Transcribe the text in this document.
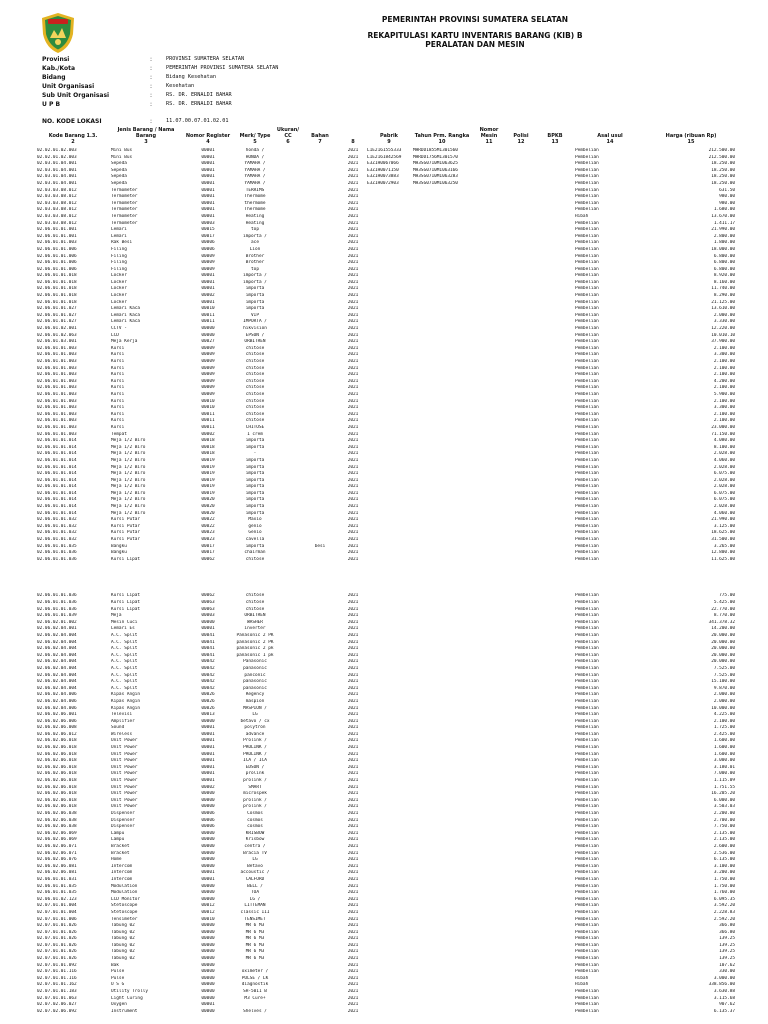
PEMERINTAH PROVINSI SUMATERA SELATAN
REKAPITULASI KARTU INVENTARIS BARANG (KIB) B
PERALATAN DAN MESIN
Provinsi	:	PROVINSI SUMATERA SELATAN
Kab./Kota	:	PEMERINTAH PROVINSI SUMATERA SELATAN
Bidang	:	Bidang Kesehatan
Unit Organisasi	:	Kesehatan
Sub Unit Organisasi	:	RS. DR. ERNALDI BAHAR
U P B	:	RS. DR. ERNALDI BAHAR
NO. KODE LOKASI	:	11.07.00.07.01.02.01
Kode Barang 1.3.	Jenis Barang / Nama Barang	Nomor Register	Merk/ Type	Ukuran/ CC	Bahan		Pabrik	Tahun Prm. Rangka	Nomor Mesin	Polisi	BPKB	Asal usul	Harga (ribuan Rp)
2	3	4	5	6	7	8	9	10	11	12	13	14	15
02.02.01.02.003	Mini Bus	00001	honda /			2021	L1E2161555333	MHRDD1855M1301560				Pembelian	212.500.00
02.02.01.02.003	Mini Bus	00001	HONDA /			2021	L1E2161842569	MHRDD1756M1301570				Pembelian	212.500.00
02.03.01.04.001	Sepeda	00001	YAMAHA /			2021	E3Z1H0067066	MH3SG0710M1063625				Pembelian	18.250.00
02.03.01.04.001	Sepeda	00001	YAMAHA /			2021	E3Z1H0071150	MH3SG0710M1063166				Pembelian	18.250.00
02.03.01.04.001	Sepeda	00001	YAMAHA /			2021	E3Z1H0073883	MH3SG0710M1063283				Pembelian	18.250.00
02.03.01.04.001	Sepeda	00001	YAMAHA /			2021	E3Z1H0072903	MH3SG0710M1063250				Pembelian	18.250.00
02.03.03.08.012	Termometer	00001	TERRIMS			2021						Pembelian	631.50
02.03.03.08.012	Termometer	00001	Thermome			2021						Pembelian	980.00
02.03.03.08.012	Termometer	00001	thermome			2021						Pembelian	980.00
02.03.03.08.012	Termometer	00001	Thermome			2021						Pembelian	1.680.00
02.03.03.08.012	Termometer	00001	Heating			2021						Hibah	13.670.00
02.03.03.08.012	Termometer	00003	Heating			2021						Pembelian	1.411.17
02.06.01.01.001	Lemari	00015	top			2021						Pembelian	21.990.00
02.06.01.01.001	Lemari	00017	importa /			2021						Pembelian	2.800.00
02.06.01.01.003	Rak Besi	00006	ace			2021						Pembelian	1.800.00
02.06.01.01.006	Filing	00006	Lion			2021						Pembelian	18.000.00
02.06.01.01.006	Filing	00009	Brother			2021						Pembelian	6.800.00
02.06.01.01.006	Filing	00009	Brother			2021						Pembelian	6.800.00
02.06.01.01.006	Filing	00009	top			2021						Pembelian	6.800.00
02.06.01.01.018	Locker	00001	importa /			2021						Pembelian	8.920.00
02.06.01.01.018	Locker	00001	importa /			2021						Pembelian	8.160.00
02.06.01.01.018	Locker	00001	importa			2021						Pembelian	11.740.00
02.06.01.01.018	Locker	00002	importa			2021						Pembelian	8.290.00
02.06.01.01.018	Locker	00001	importa			2021						Pembelian	21.125.00
02.06.01.01.027	Lemari Kaca	00010	importa			2021						Pembelian	13.610.00
02.06.01.01.027	Lemari Kaca	00011	VIP			2021						Pembelian	2.000.00
02.06.01.01.027	Lemari Kaca	00011	IMPORTA /			2021						Pembelian	3.330.00
02.06.01.02.001	CCTV -	00000	hikvision			2021						Pembelian	12.220.00
02.06.01.02.063	LCD	00000	EPSON /			2021						Pembelian	10.010.10
02.06.01.03.001	Meja Kerja	00027	ORBITREN			2021						Pembelian	37.900.00
02.06.01.01.003	Kursi	00009	chitose			2021						Pembelian	2.100.00
02.06.01.01.003	Kursi	00009	chitose			2021						Pembelian	3.300.00
02.06.01.01.003	Kursi	00009	chitose			2021						Pembelian	2.100.00
02.06.01.01.003	Kursi	00009	chitose			2021						Pembelian	2.100.00
02.06.01.01.003	Kursi	00009	chitose			2021						Pembelian	2.100.00
02.06.01.01.003	Kursi	00009	chitose			2021						Pembelian	4.200.00
02.06.01.01.003	Kursi	00009	chitose			2021						Pembelian	2.100.00
02.06.01.01.003	Kursi	00009	chitose			2021						Pembelian	5.900.00
02.06.01.01.003	Kursi	00010	chitose			2021						Pembelian	2.100.00
02.06.01.01.003	Kursi	00010	chitose			2021						Pembelian	3.300.00
02.06.01.01.003	Kursi	00011	chitose			2021						Pembelian	2.100.00
02.06.01.01.003	Kursi	00011	chitose			2021						Pembelian	2.100.00
02.06.01.01.003	Kursi	00011	CHITOSE			2021						Pembelian	23.000.00
02.06.01.01.003	Tempat	00002	1 crem			2021						Pembelian	71.150.00
02.06.01.01.014	Meja 1/2 Biro	00018	importa			2021						Pembelian	4.080.00
02.06.01.01.014	Meja 1/2 Biro	00018	importa			2021						Pembelian	8.100.00
02.06.01.01.014	Meja 1/2 Biro	00018	-			2021						Pembelian	2.028.00
02.06.01.01.014	Meja 1/2 Biro	00019	importa			2021						Pembelian	4.060.00
02.06.01.01.014	Meja 1/2 Biro	00019	importa			2021						Pembelian	2.028.00
02.06.01.01.014	Meja 1/2 Biro	00019	importa			2021						Pembelian	6.075.00
02.06.01.01.014	Meja 1/2 Biro	00019	importa			2021						Pembelian	2.028.00
02.06.01.01.014	Meja 1/2 Biro	00019	importa			2021						Pembelian	2.028.00
02.06.01.01.014	Meja 1/2 Biro	00019	importa			2021						Pembelian	6.075.00
02.06.01.01.014	Meja 1/2 Biro	00020	importa			2021						Pembelian	6.075.00
02.06.01.01.014	Meja 1/2 Biro	00020	importa			2021						Pembelian	2.028.00
02.06.01.01.014	Meja 1/2 Biro	00020	importa			2021						Pembelian	4.060.00
02.06.01.01.032	Kursi Putar	00022	Maxio			2021						Pembelian	21.990.00
02.06.01.01.032	Kursi Putar	00022	genio			2021						Pembelian	3.125.00
02.06.01.01.032	Kursi Putar	00023	Genio			2021						Pembelian	18.625.00
02.06.01.01.032	Kursi Putar	00023	cavella			2021						Pembelian	31.500.00
02.06.01.01.035	Bangku	00017	importa		besi	2021						Pembelian	3.265.00
02.06.01.01.036	Bangku	00017	chairman			2021						Pembelian	12.800.00
02.06.01.01.036	Kursi Lipat	00062	chitose			2021						Pembelian	11.625.00

02.06.01.01.036	Kursi Lipat	00062	chitose			2021						Pembelian	775.00
02.06.01.01.036	Kursi Lipat	00063	chitose			2021						Pembelian	5.425.00
02.06.01.01.036	Kursi Lipat	00063	chitose			2021						Pembelian	22.770.00
02.06.01.01.039	Meja	00003	ORBITREN			2021						Pembelian	8.770.00
02.06.02.01.002	Mesin Cuci	00000	WASHER			2021						Pembelian	341.378.32
02.06.02.04.001	Lemari Es	00001	inverter			2021						Pembelian	14.200.00
02.06.02.04.004	A.C. Split	00041	Panasonic 2 PK			2021						Pembelian	20.000.00
02.06.02.04.004	A.C. Split	00041	panasonic 2 PK			2021						Pembelian	20.000.00
02.06.02.04.004	A.C. Split	00041	panasonic 2 pk			2021						Pembelian	20.000.00
02.06.02.04.004	A.C. Split	00041	panasonic 1 pk			2021						Pembelian	20.000.00
02.06.02.04.004	A.C. Split	00042	Panasonic			2021						Pembelian	20.000.00
02.06.02.04.004	A.C. Split	00042	panasonic			2021						Pembelian	7.525.00
02.06.02.04.004	A.C. Split	00042	panconic			2021						Pembelian	7.525.00
02.06.02.04.004	A.C. Split	00042	panasonic			2021						Pembelian	15.100.00
02.06.02.04.004	A.C. Split	00042	panasonic			2021						Pembelian	9.870.00
02.06.02.04.006	Kipas Angin	00026	Regency			2021						Pembelian	2.000.00
02.06.02.04.006	Kipas Angin	00026	maspion			2021						Pembelian	2.000.00
02.06.02.04.006	Kipas Angin	00026	MASPION /			2021						Pembelian	10.000.00
02.06.02.06.001	Televisi	00013	LG			2021						Pembelian	4.225.00
02.06.02.06.006	Amplifier	00000	betavo / cx			2021						Pembelian	2.100.00
02.06.02.06.008	Sound	00001	polytron			2021						Pembelian	1.725.00
02.06.02.06.012	Wireless	00001	advance			2021						Pembelian	2.425.00
02.06.02.06.018	Unit Power	00001	Prolink /			2021						Pembelian	1.600.00
02.06.02.06.018	Unit Power	00001	PROLINK /			2021						Pembelian	1.600.00
02.06.02.06.018	Unit Power	00001	PROLINK /			2021						Pembelian	1.600.00
02.06.02.06.018	Unit Power	00001	ICA / ICA			2021						Pembelian	3.000.00
02.06.02.06.018	Unit Power	00001	EDSON /			2021						Pembelian	3.180.01
02.06.02.06.018	Unit Power	00001	prolink			2021						Pembelian	7.000.00
02.06.02.06.018	Unit Power	00001	prolink /			2021						Pembelian	1.115.09
02.06.02.06.018	Unit Power	00002	SMART			2021						Pembelian	1.751.55
02.06.02.06.018	Unit Power	00000	microspek			2021						Pembelian	16.205.20
02.06.02.06.018	Unit Power	00000	prolink /			2021						Pembelian	6.000.00
02.06.02.06.018	Unit Power	00000	prolink /			2021						Pembelian	3.503.03
02.06.02.06.038	Dispenser	00006	Cosmos			2021						Pembelian	2.200.00
02.06.02.06.038	Dispenser	00006	cosmos			2021						Pembelian	2.700.00
02.06.02.06.038	Dispenser	00006	cosmos			2021						Pembelian	7.750.00
02.06.02.06.069	Lampu	00000	KRISBOW			2021						Pembelian	2.135.00
02.06.02.06.069	Lampu	00000	Krisbow			2021						Pembelian	2.135.00
02.06.02.06.071	Bracket	00000	centra /			2021						Pembelian	2.600.00
02.06.02.06.071	Bracket	00000	Bracia TV			2021						Pembelian	2.536.00
02.06.02.06.076	Home	00000	LG			2021						Pembelian	6.135.00
02.06.02.06.081	Intercom	00000	Betavo			2021						Pembelian	3.100.00
02.06.02.06.081	Intercom	00001	accoustic /			2021						Pembelian	3.200.00
02.06.01.01.031	Intercom	00001	CALFORD			2021						Pembelian	1.750.00
02.06.01.01.035	Modulation	00000	BELL /			2021						Pembelian	1.750.00
02.06.01.01.035	Modulation	00000	TOA			2021						Pembelian	1.760.00
02.06.01.02.123	LCD Monitor	00000	LG /			2021						Pembelian	6.095.35
02.07.01.01.004	Stetoscope	00012	LITTEMAN			2021						Pembelian	3.592.20
02.07.01.01.004	Stetoscope	00012	classic III			2021						Pembelian	2.228.83
02.07.01.01.006	Tensimeter	00010	TENSIMET			2021						Pembelian	2.592.20
02.07.01.01.026	Tabung 02	00000	MR 6 M3			2021						Pembelian	366.80
02.07.01.01.026	Tabung 02	00000	MR 6 M3			2021						Pembelian	366.80
02.07.01.01.026	Tabung 02	00000	MR 6 M3			2021						Pembelian	139.25
02.07.01.01.026	Tabung 02	00000	MR 6 M3			2021						Pembelian	139.25
02.07.01.01.026	Tabung 02	00000	MR 6 M3			2021						Pembelian	139.25
02.07.01.01.026	Tabung 02	00000	MR 6 M3			2021						Pembelian	139.25
02.07.01.01.092	Bak	00000				2021						Pembelian	107.62
02.07.01.01.116	Pulse	00000	oximeter /			2021						Pembelian	330.00
02.07.01.01.116	Pulse	00000	PULSE / LK			2021						Hibah	3.000.00
02.07.01.01.162	U S G	00000	diagnostik			2021						Hibah	338.856.00
02.07.01.01.183	Utility Trolly	00000	SH-5011 B			2021						Pembelian	3.630.88
02.07.01.01.063	Light Curing	00000	M3 Cure+			2021						Pembelian	3.115.68
02.07.02.06.027	Oxygen	00001				2021						Pembelian	907.62
02.07.02.06.092	Instrument	00000	Shelves /			2021						Pembelian	6.135.37
